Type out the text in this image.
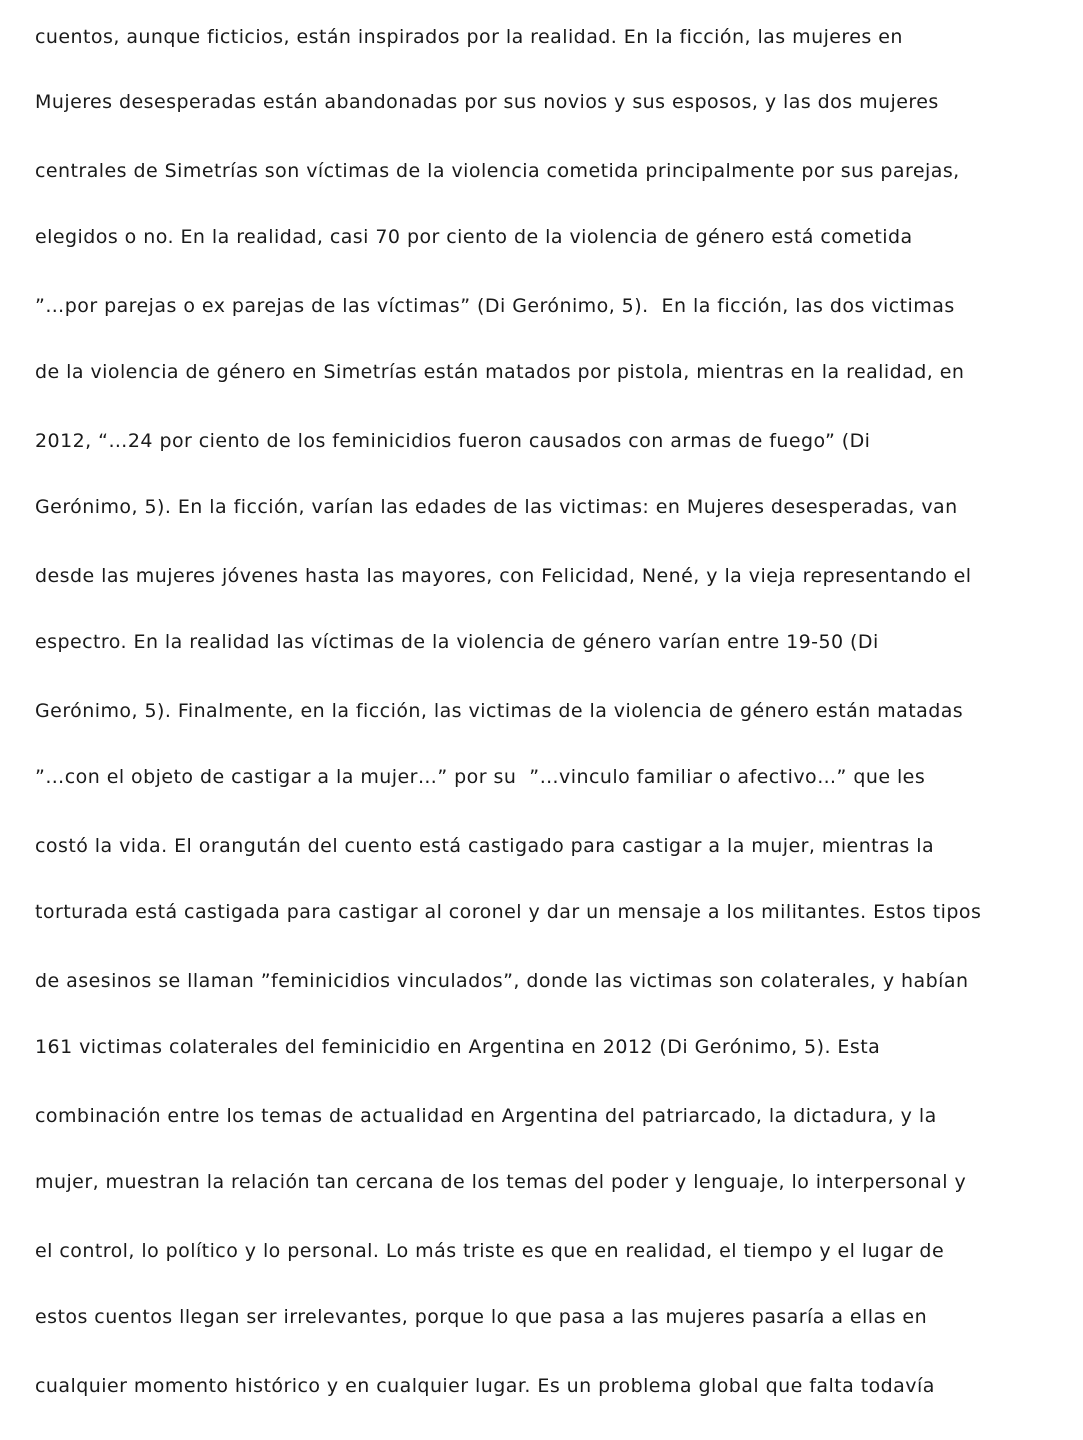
cuentos, aunque ficticios, están inspirados por la realidad. En la ficción, las mujeres en
Mujeres desesperadas están abandonadas por sus novios y sus esposos, y las dos mujeres
centrales de Simetrías son víctimas de la violencia cometida principalmente por sus parejas,
elegidos o no. En la realidad, casi 70 por ciento de la violencia de género está cometida
”…por parejas o ex parejas de las víctimas” (Di Gerónimo, 5).  En la ficción, las dos victimas
de la violencia de género en Simetrías están matados por pistola, mientras en la realidad, en
2012, “…24 por ciento de los feminicidios fueron causados con armas de fuego” (Di
Gerónimo, 5). En la ficción, varían las edades de las victimas: en Mujeres desesperadas, van
desde las mujeres jóvenes hasta las mayores, con Felicidad, Nené, y la vieja representando el
espectro. En la realidad las víctimas de la violencia de género varían entre 19-50 (Di
Gerónimo, 5). Finalmente, en la ficción, las victimas de la violencia de género están matadas
”…con el objeto de castigar a la mujer…” por su  ”…vinculo familiar o afectivo…” que les
costó la vida. El orangután del cuento está castigado para castigar a la mujer, mientras la
torturada está castigada para castigar al coronel y dar un mensaje a los militantes. Estos tipos
de asesinos se llaman ”feminicidios vinculados”, donde las victimas son colaterales, y habían
161 victimas colaterales del feminicidio en Argentina en 2012 (Di Gerónimo, 5). Esta
combinación entre los temas de actualidad en Argentina del patriarcado, la dictadura, y la
mujer, muestran la relación tan cercana de los temas del poder y lenguaje, lo interpersonal y
el control, lo político y lo personal. Lo más triste es que en realidad, el tiempo y el lugar de
estos cuentos llegan ser irrelevantes, porque lo que pasa a las mujeres pasaría a ellas en
cualquier momento histórico y en cualquier lugar. Es un problema global que falta todavía
